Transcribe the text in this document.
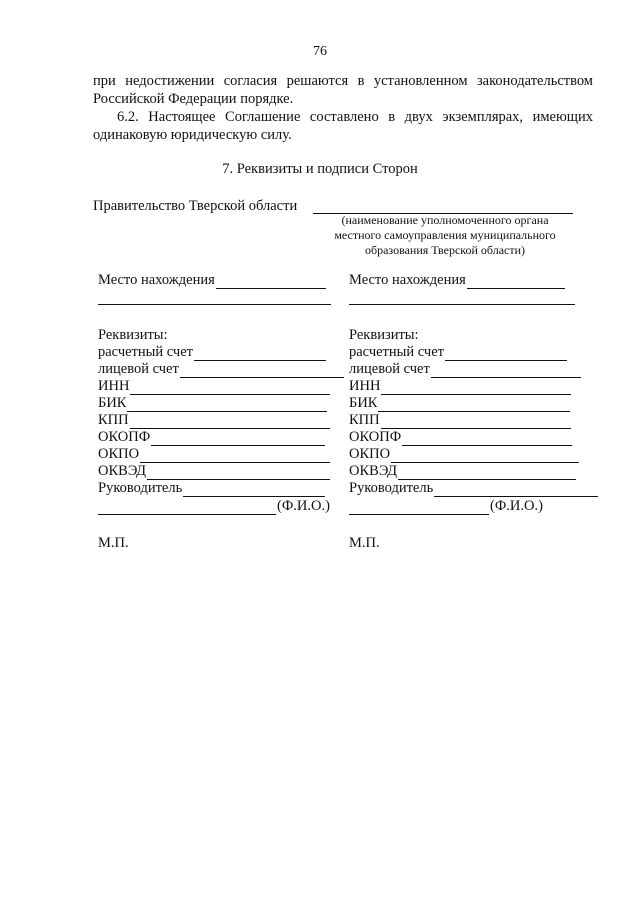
76
при недостижении согласия решаются в установленном законодательством Российской Федерации порядке.
6.2. Настоящее Соглашение составлено в двух экземплярах, имеющих одинаковую юридическую силу.
7. Реквизиты и подписи Сторон
Правительство Тверской области
(наименование уполномоченного органа
местного самоуправления муниципального
образования Тверской области)
Место нахождения
Реквизиты:
расчетный счет
лицевой счет
ИНН
БИК
КПП
ОКОПФ
ОКПО
ОКВЭД
Руководитель
(Ф.И.О.)
Место нахождения
Реквизиты:
расчетный счет
лицевой счет
ИНН
БИК
КПП
ОКОПФ
ОКПО
ОКВЭД
Руководитель
(Ф.И.О.)
М.П.	М.П.
